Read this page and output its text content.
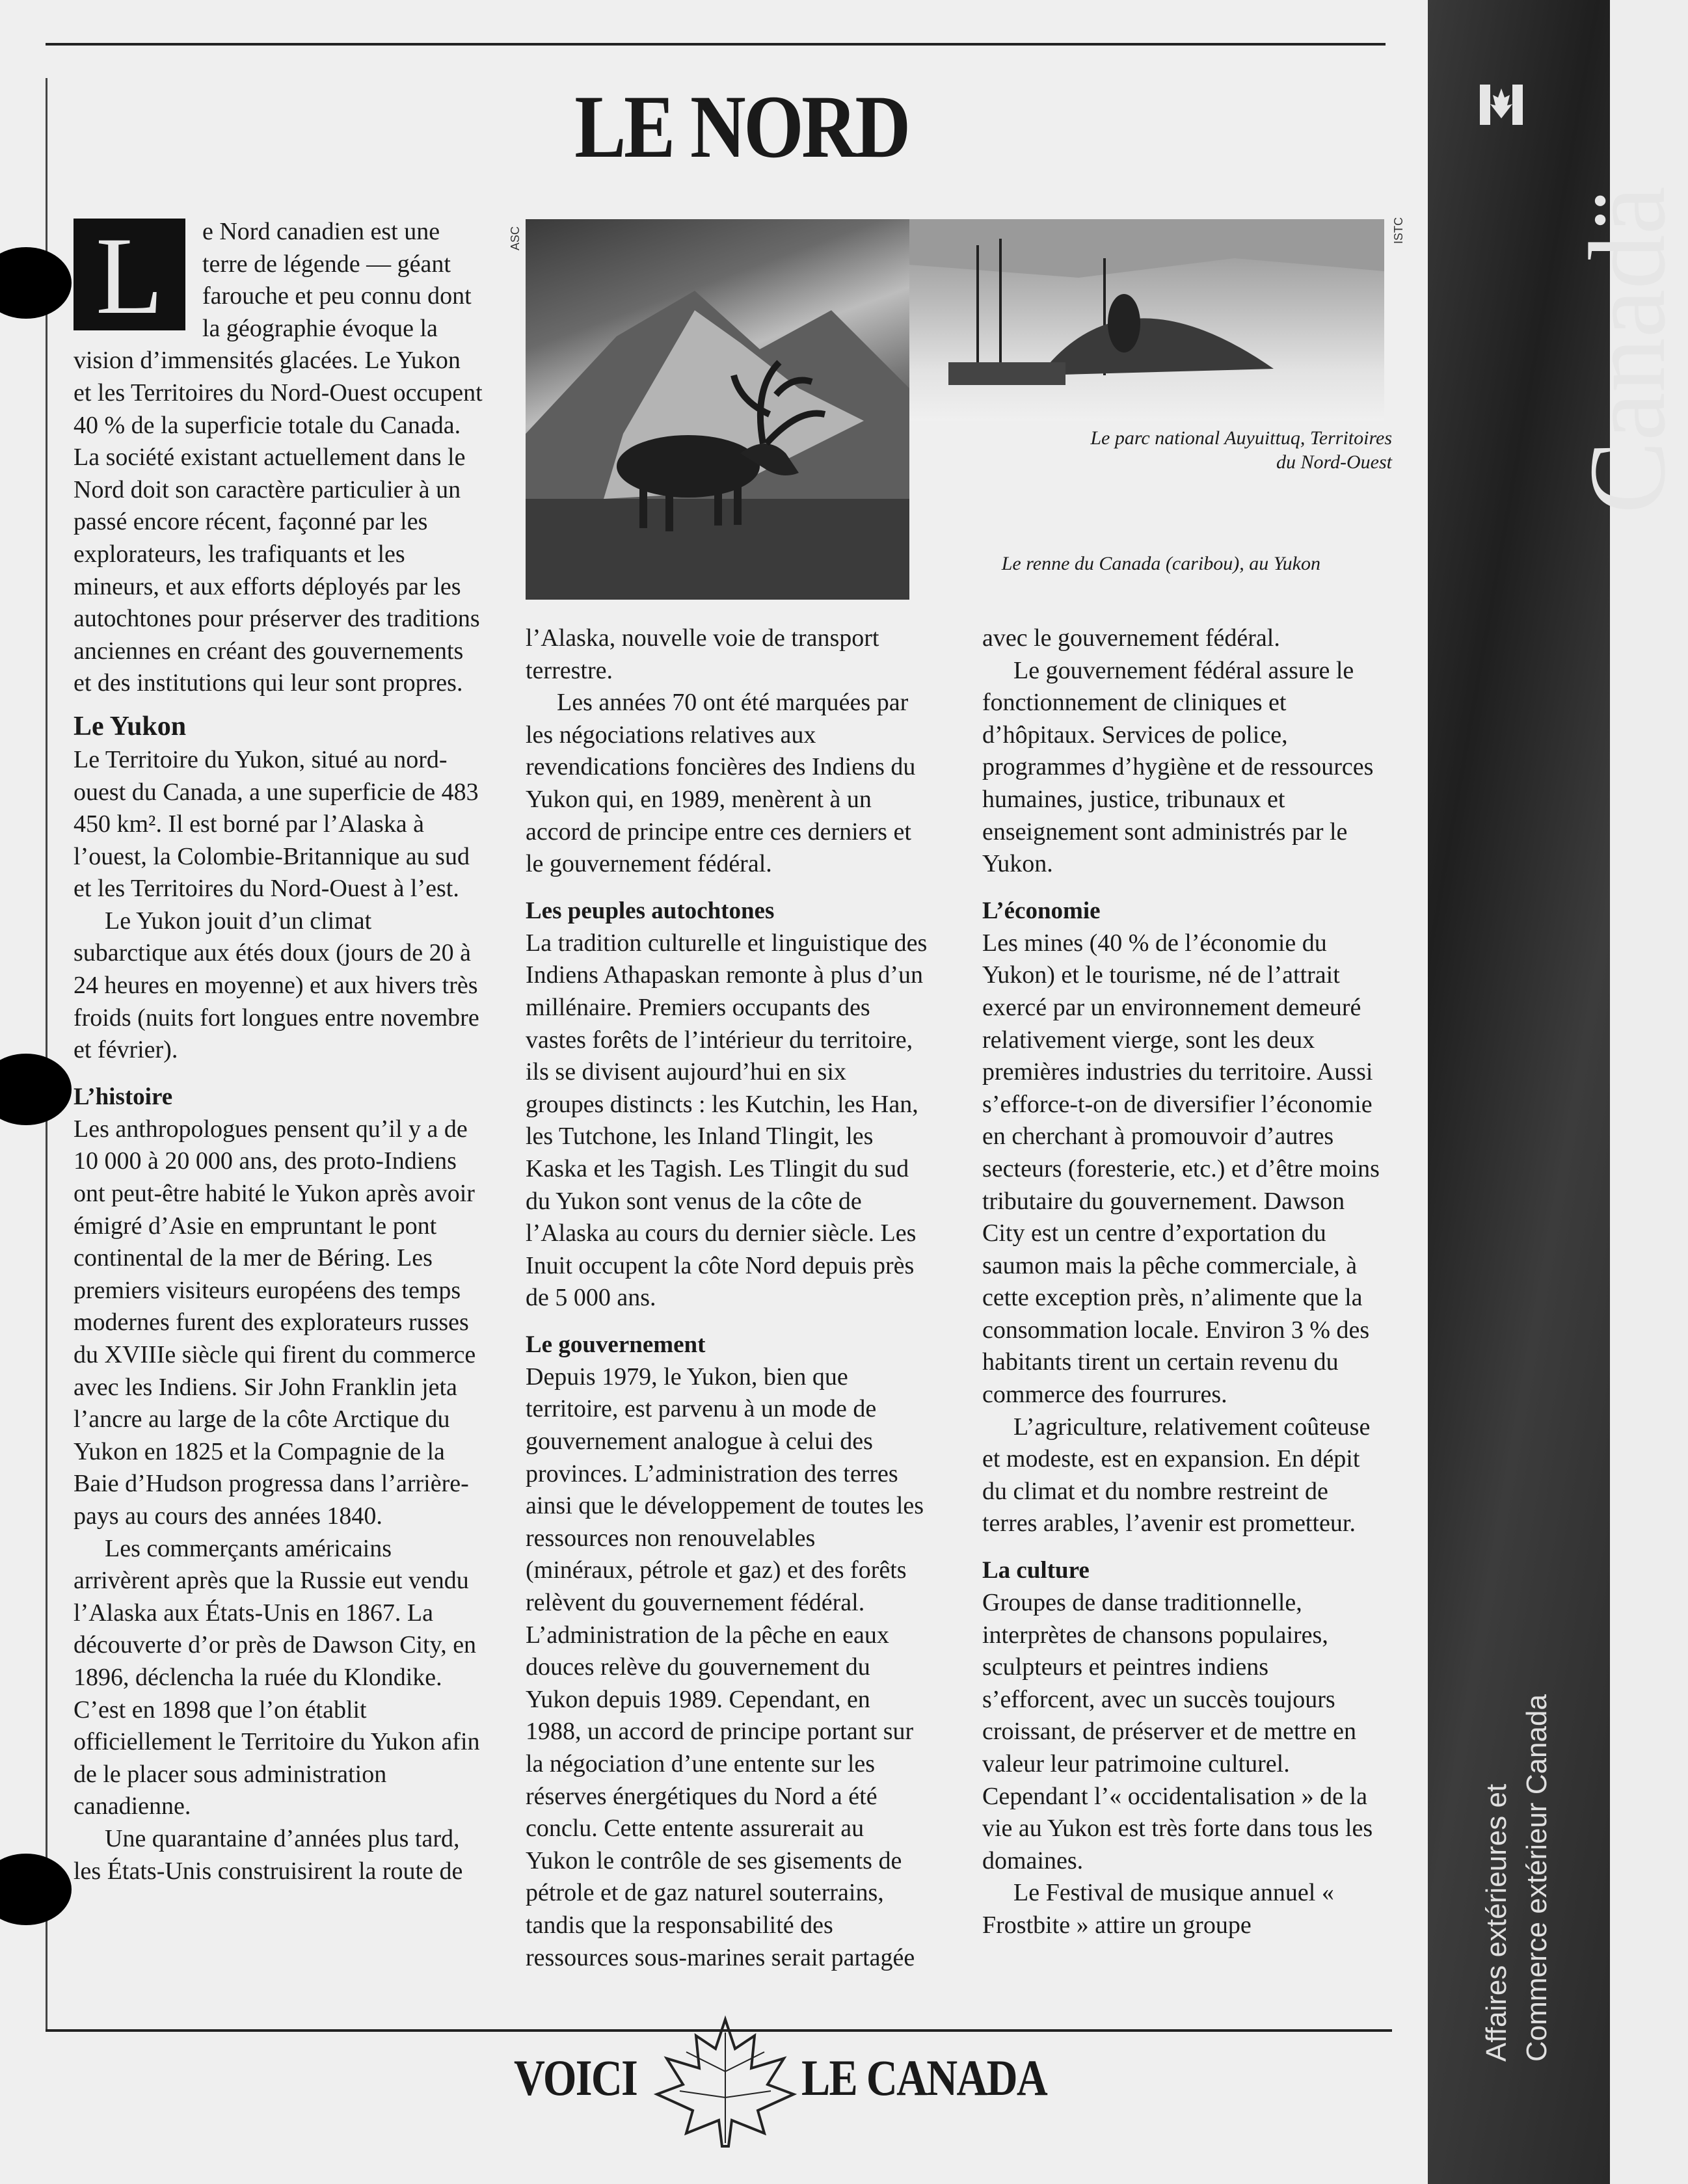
LE NORD
L	e Nord canadien est une terre de légende — géant farouche et peu connu dont la géographie évoque la vision d’immensités glacées. Le Yukon et les Territoires du Nord-Ouest occupent 40 % de la superficie totale du Canada. La société existant actuellement dans le Nord doit son caractère particulier à un passé encore récent, façonné par les explorateurs, les trafiquants et les mineurs, et aux efforts déployés par les autochtones pour préserver des traditions anciennes en créant des gouvernements et des institutions qui leur sont propres.

Le Yukon

Le Territoire du Yukon, situé au nord-ouest du Canada, a une superficie de 483 450 km². Il est borné par l’Alaska à l’ouest, la Colombie-Britannique au sud et les Territoires du Nord-Ouest à l’est.

Le Yukon jouit d’un climat subarctique aux étés doux (jours de 20 à 24 heures en moyenne) et aux hivers très froids (nuits fort longues entre novembre et février).

L’histoire

Les anthropologues pensent qu’il y a de 10 000 à 20 000 ans, des proto-Indiens ont peut-être habité le Yukon après avoir émigré d’Asie en empruntant le pont continental de la mer de Béring. Les premiers visiteurs européens des temps modernes furent des explorateurs russes du XVIIIe siècle qui firent du commerce avec les Indiens. Sir John Franklin jeta l’ancre au large de la côte Arctique du Yukon en 1825 et la Compagnie de la Baie d’Hudson progressa dans l’arrière-pays au cours des années 1840.

Les commerçants américains arrivèrent après que la Russie eut vendu l’Alaska aux États-Unis en 1867. La découverte d’or près de Dawson City, en 1896, déclencha la ruée du Klondike. C’est en 1898 que l’on établit officiellement le Territoire du Yukon afin de le placer sous administration canadienne.

Une quarantaine d’années plus tard, les États-Unis construisirent la route de

ASC	ISTC
Le parc national Auyuittuq, Territoires du Nord-Ouest
Le renne du Canada (caribou), au Yukon

l’Alaska, nouvelle voie de transport terrestre.

Les années 70 ont été marquées par les négociations relatives aux revendications foncières des Indiens du Yukon qui, en 1989, menèrent à un accord de principe entre ces derniers et le gouvernement fédéral.

Les peuples autochtones

La tradition culturelle et linguistique des Indiens Athapaskan remonte à plus d’un millénaire. Premiers occupants des vastes forêts de l’intérieur du territoire, ils se divisent aujourd’hui en six groupes distincts : les Kutchin, les Han, les Tutchone, les Inland Tlingit, les Kaska et les Tagish. Les Tlingit du sud du Yukon sont venus de la côte de l’Alaska au cours du dernier siècle. Les Inuit occupent la côte Nord depuis près de 5 000 ans.

Le gouvernement

Depuis 1979, le Yukon, bien que territoire, est parvenu à un mode de gouvernement analogue à celui des provinces. L’administration des terres ainsi que le développement de toutes les ressources non renouvelables (minéraux, pétrole et gaz) et des forêts relèvent du gouvernement fédéral. L’administration de la pêche en eaux douces relève du gouvernement du Yukon depuis 1989. Cependant, en 1988, un accord de principe portant sur la négociation d’une entente sur les réserves énergétiques du Nord a été conclu. Cette entente assurerait au Yukon le contrôle de ses gisements de pétrole et de gaz naturel souterrains, tandis que la responsabilité des ressources sous-marines serait partagée

avec le gouvernement fédéral.

Le gouvernement fédéral assure le fonctionnement de cliniques et d’hôpitaux. Services de police, programmes d’hygiène et de ressources humaines, justice, tribunaux et enseignement sont administrés par le Yukon.

L’économie

Les mines (40 % de l’économie du Yukon) et le tourisme, né de l’attrait exercé par un environnement demeuré relativement vierge, sont les deux premières industries du territoire. Aussi s’efforce-t-on de diversifier l’économie en cherchant à promouvoir d’autres secteurs (foresterie, etc.) et d’être moins tributaire du gouvernement. Dawson City est un centre d’exportation du saumon mais la pêche commerciale, à cette exception près, n’alimente que la consommation locale. Environ 3 % des habitants tirent un certain revenu du commerce des fourrures.

L’agriculture, relativement coûteuse et modeste, est en expansion. En dépit du climat et du nombre restreint de terres arables, l’avenir est prometteur.

La culture

Groupes de danse traditionnelle, interprètes de chansons populaires, sculpteurs et peintres indiens s’efforcent, avec un succès toujours croissant, de préserver et de mettre en valeur leur patrimoine culturel. Cependant l’« occidentalisation » de la vie au Yukon est très forte dans tous les domaines.

Le Festival de musique annuel « Frostbite » attire un groupe

Canadä
Affaires extérieures et Commerce extérieur Canada
VOICI	LE CANADA
